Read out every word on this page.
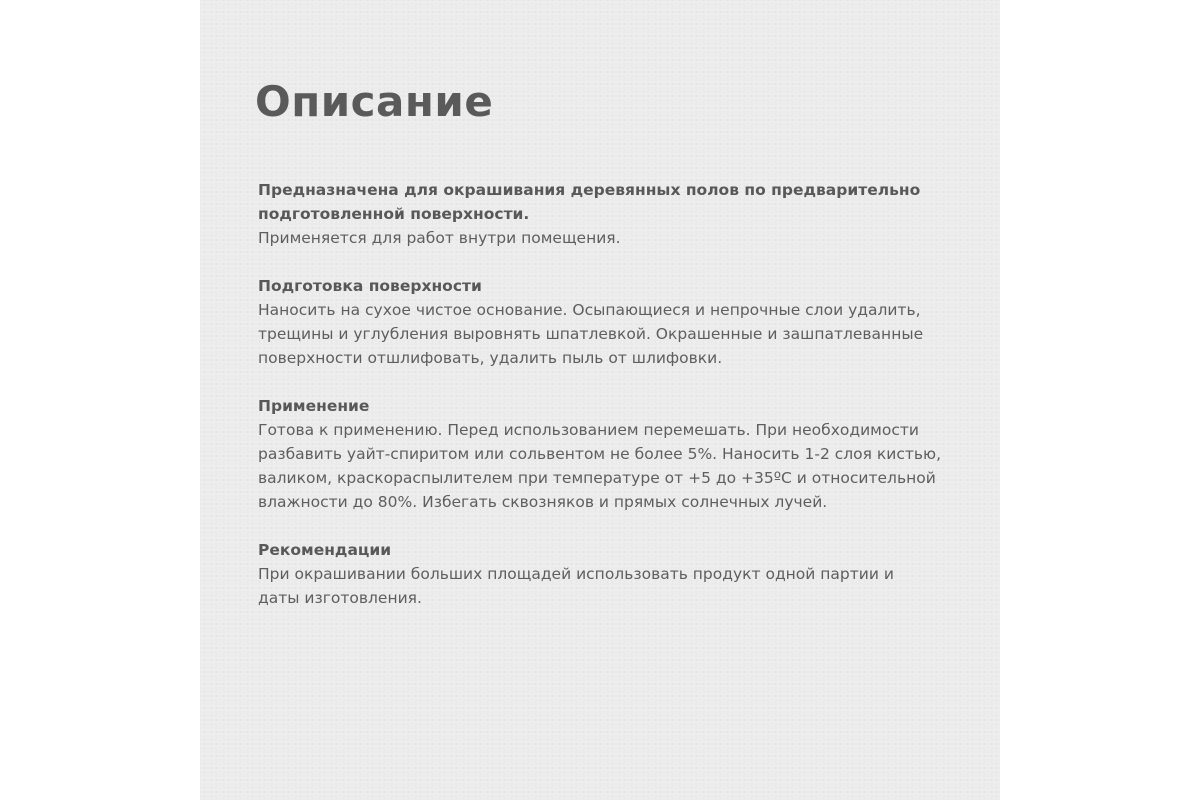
Описание

Предназначена для окрашивания деревянных полов по предварительно

подготовленной поверхности.

Применяется для работ внутри помещения.

Подготовка поверхности

Наносить на сухое чистое основание. Осыпающиеся и непрочные слои удалить,

трещины и углубления выровнять шпатлевкой. Окрашенные и зашпатлеванные

поверхности отшлифовать, удалить пыль от шлифовки.

Применение

Готова к применению. Перед использованием перемешать. При необходимости

разбавить уайт-спиритом или сольвентом не более 5%. Наносить 1-2 слоя кистью,

валиком, краскораспылителем при температуре от +5 до +35ºС и относительной

влажности до 80%. Избегать сквозняков и прямых солнечных лучей.

Рекомендации

При окрашивании больших площадей использовать продукт одной партии и

даты изготовления.
